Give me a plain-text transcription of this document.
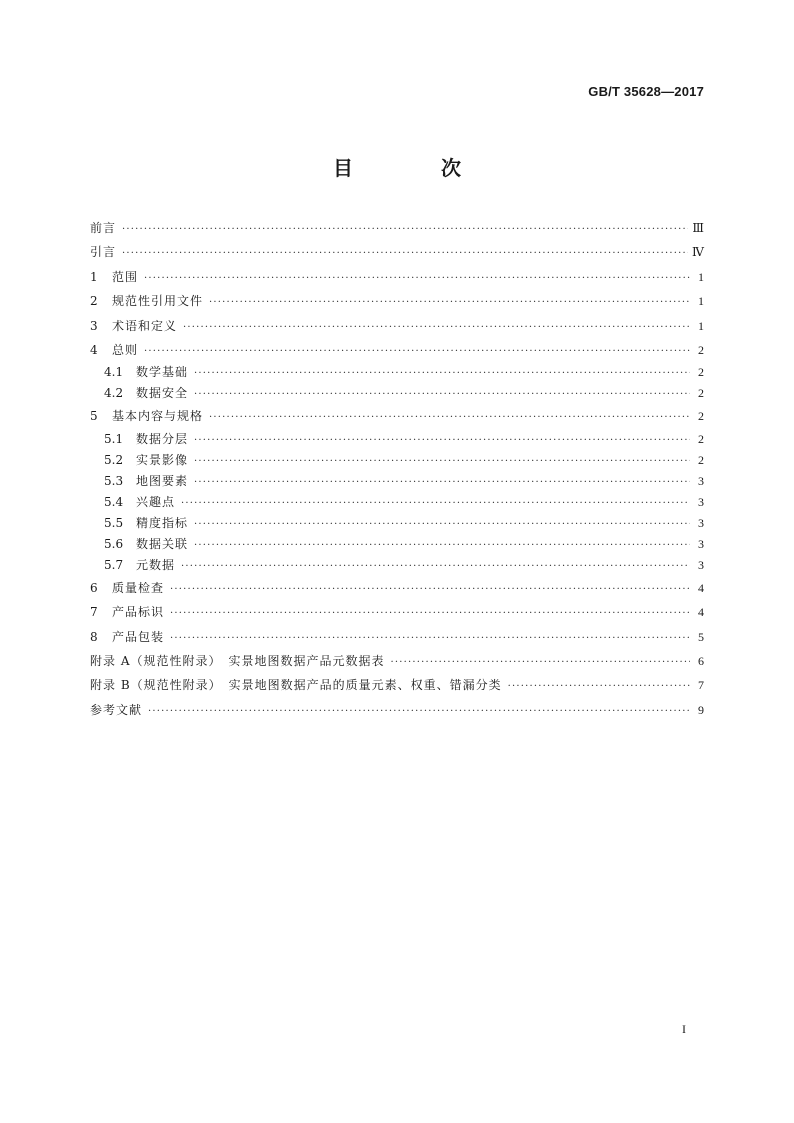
GB/T 35628—2017
目　次
前言 ·····	Ⅲ
引言 ·····	Ⅳ
1	范围 ·····	1
2	规范性引用文件 ·····	1
3	术语和定义 ·····	1
4	总则 ·····	2
4.1	数学基础 ·····	2
4.2	数据安全 ·····	2
5	基本内容与规格 ·····	2
5.1	数据分层 ·····	2
5.2	实景影像 ·····	2
5.3	地图要素 ·····	3
5.4	兴趣点 ·····	3
5.5	精度指标 ·····	3
5.6	数据关联 ·····	3
5.7	元数据 ·····	3
6	质量检查 ·····	4
7	产品标识 ·····	4
8	产品包装 ·····	5
附录 A（规范性附录）　实景地图数据产品元数据表 ·····	6
附录 B（规范性附录）　实景地图数据产品的质量元素、权重、错漏分类 ·····	7
参考文献 ·····	9
I
